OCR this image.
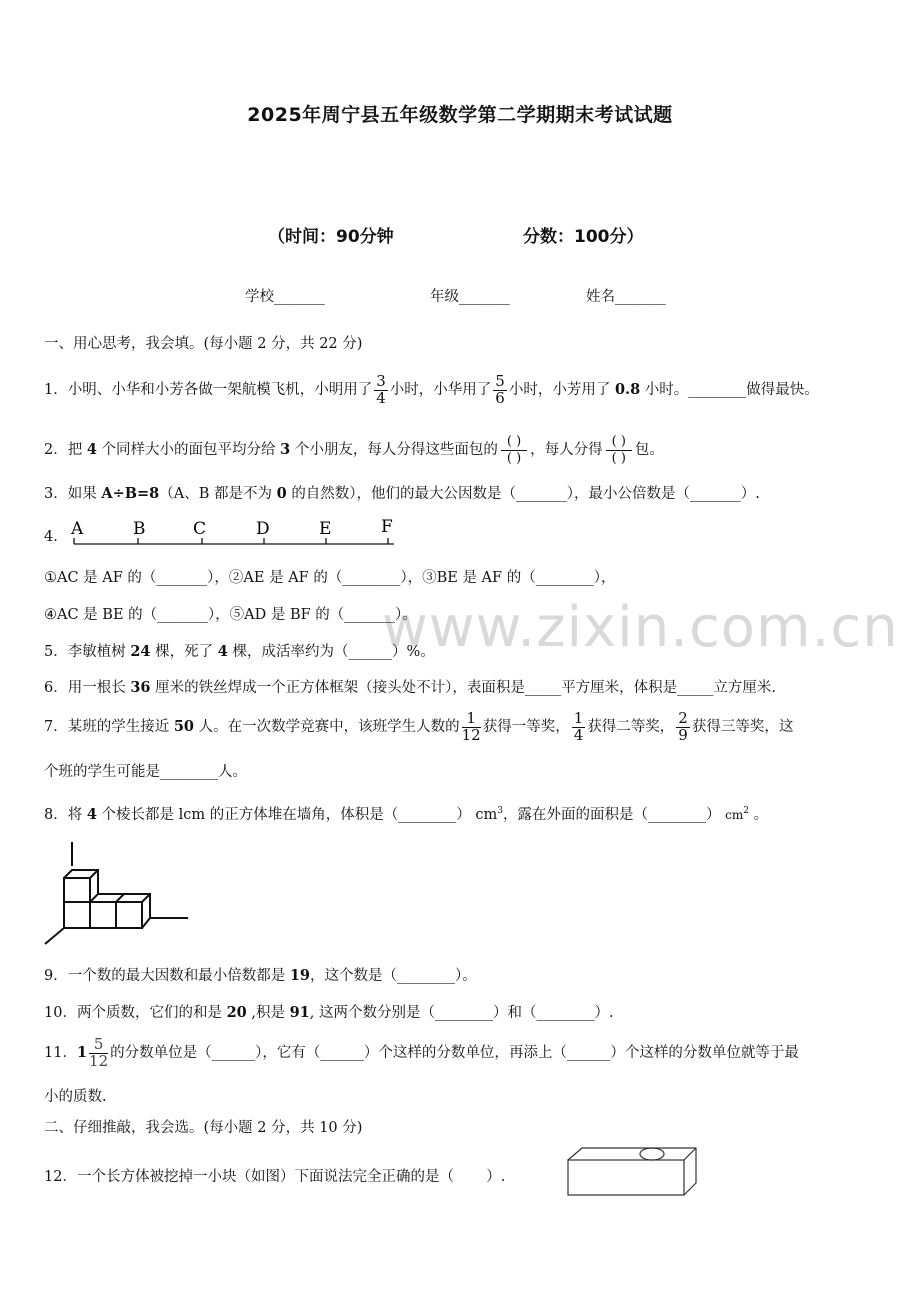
www.zixin.com.cn
2025年周宁县五年级数学第二学期期末考试试题
（时间：90分钟	分数：100分）
学校_______	年级_______	姓名_______
一、用心思考，我会填。(每小题 2 分，共 22 分)
1．小明、小华和小芳各做一架航模飞机，小明用了 $\frac{3}{4}$ 小时，小华用了 $\frac{5}{6}$ 小时，小芳用了 0.8 小时。________做得最快。
2．把 4 个同样大小的面包平均分给 3 个小朋友，每人分得这些面包的
( )
( ) ，每人分得
( )
( ) 包。
3．如果 A÷B=8（A、B 都是不为 0 的自然数），他们的最大公因数是（_______），最小公倍数是（_______）.
4． A	B	C	D	E	F
①AC 是 AF 的（_______），②AE 是 AF 的（________），③BE 是 AF 的（________），
④AC 是 BE 的（_______），⑤AD 是 BF 的（_______）。
5．李敏植树 24 棵，死了 4 棵，成活率约为（______）%。
6．用一根长 36 厘米的铁丝焊成一个正方体框架（接头处不计），表面积是_____平方厘米，体积是_____立方厘米.
7．某班的学生接近 50 人。在一次数学竞赛中，该班学生人数的 $\frac{1}{12}$ 获得一等奖， $\frac{1}{4}$ 获得二等奖， $\frac{2}{9}$ 获得三等奖，这
个班的学生可能是________人。
8．将 4 个棱长都是 lcm 的正方体堆在墙角，体积是（________） $cm^3$，露在外面的面积是（________） $cm^2$ 。
9．一个数的最大因数和最小倍数都是 19，这个数是（________）。
10．两个质数，它们的和是 20 ,积是 91, 这两个数分别是（________）和（________）.
11．$1 \frac{5}{12}$ 的分数单位是（______），它有（______）个这样的分数单位，再添上（______）个这样的分数单位就等于最
小的质数.
二、仔细推敲，我会选。(每小题 2 分，共 10 分)
12．一个长方体被挖掉一小块（如图）下面说法完全正确的是（ ）.
